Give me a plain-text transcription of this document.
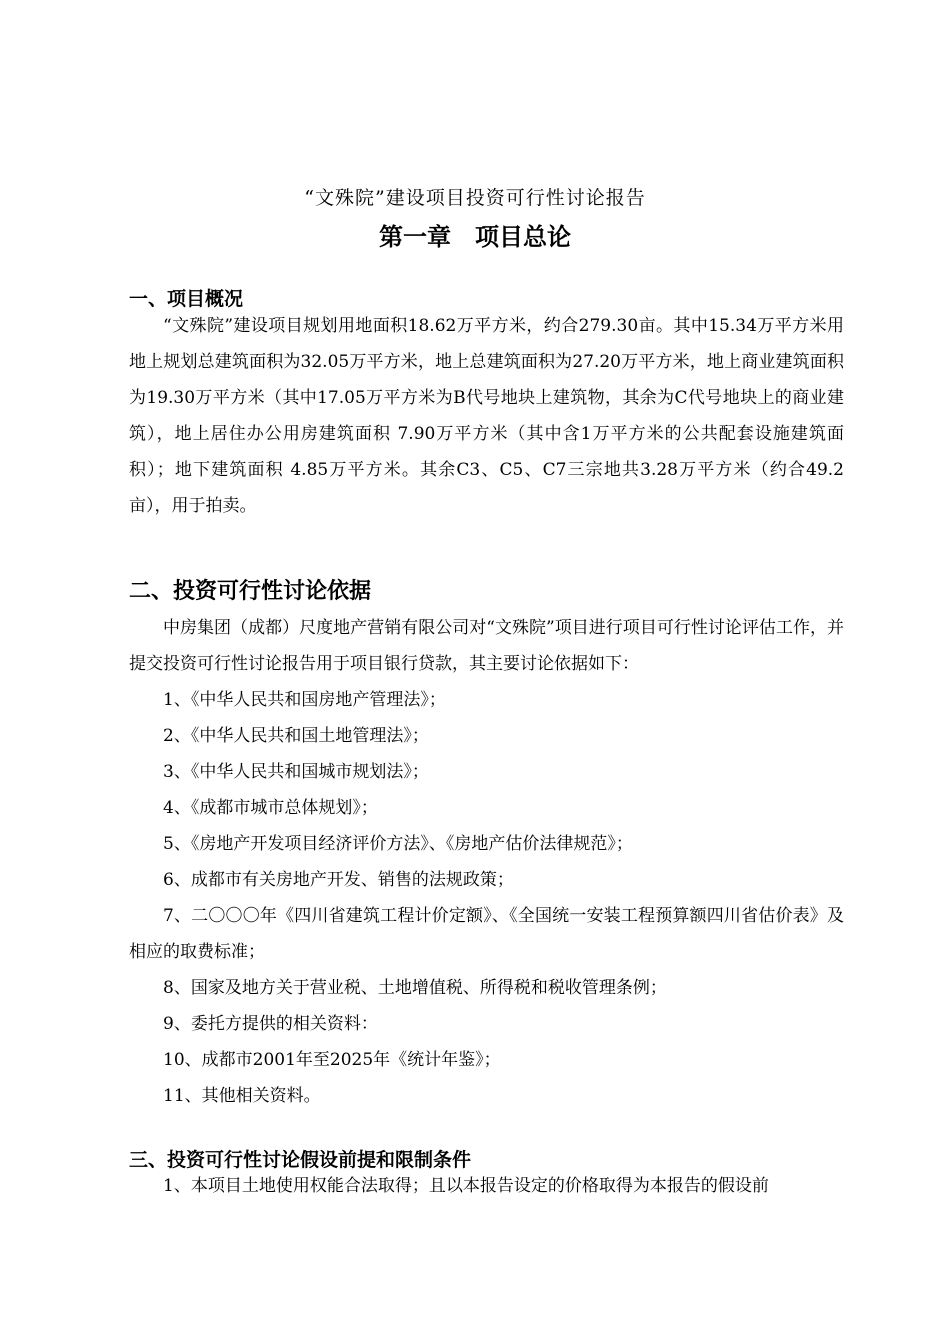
“文殊院”建设项目投资可行性讨论报告
第一章　项目总论
一、项目概况

“文殊院”建设项目规划用地面积18.62万平方米，约合279.30亩。其中15.34万平方米用地上规划总建筑面积为32.05万平方米，地上总建筑面积为27.20万平方米，地上商业建筑面积为19.30万平方米（其中17.05万平方米为B代号地块上建筑物，其余为C代号地块上的商业建筑），地上居住办公用房建筑面积 7.90万平方米（其中含1万平方米的公共配套设施建筑面积）；地下建筑面积 4.85万平方米。其余C3、C5、C7三宗地共3.28万平方米（约合49.2亩），用于拍卖。

二、投资可行性讨论依据

中房集团（成都）尺度地产营销有限公司对“文殊院”项目进行项目可行性讨论评估工作，并提交投资可行性讨论报告用于项目银行贷款，其主要讨论依据如下：

1、《中华人民共和国房地产管理法》；
2、《中华人民共和国土地管理法》；
3、《中华人民共和国城市规划法》；
4、《成都市城市总体规划》；
5、《房地产开发项目经济评价方法》、《房地产估价法律规范》；
6、成都市有关房地产开发、销售的法规政策；
7、二〇〇〇年《四川省建筑工程计价定额》、《全国统一安装工程预算额四川省估价表》及相应的取费标准；
8、国家及地方关于营业税、土地增值税、所得税和税收管理条例；
9、委托方提供的相关资料：
10、成都市2001年至2025年《统计年鉴》；
11、其他相关资料。
三、投资可行性讨论假设前提和限制条件

1、本项目土地使用权能合法取得；且以本报告设定的价格取得为本报告的假设前
